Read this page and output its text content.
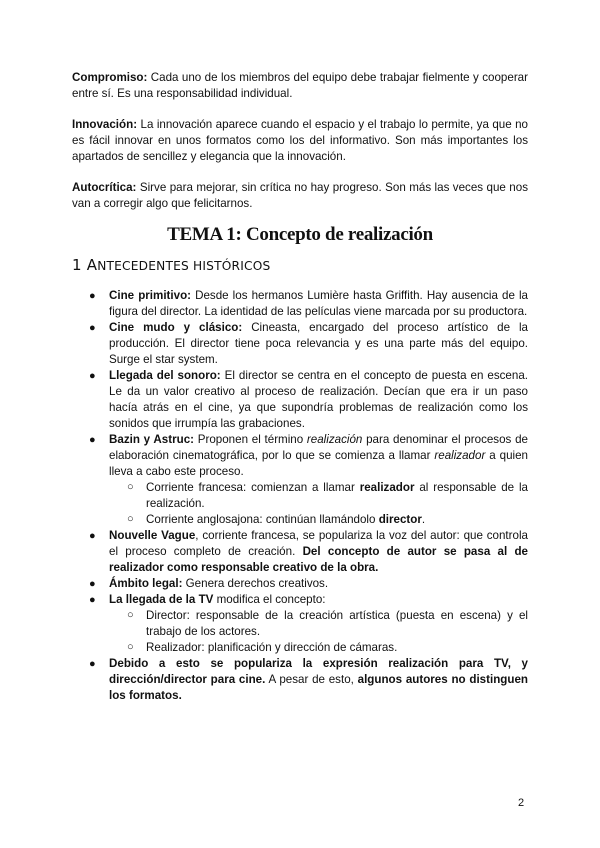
Compromiso: Cada uno de los miembros del equipo debe trabajar fielmente y cooperar entre sí. Es una responsabilidad individual.

Innovación: La innovación aparece cuando el espacio y el trabajo lo permite, ya que no es fácil innovar en unos formatos como los del informativo. Son más importantes los apartados de sencillez y elegancia que la innovación.

Autocrítica: Sirve para mejorar, sin crítica no hay progreso. Son más las veces que nos van a corregir algo que felicitarnos.

TEMA 1: Concepto de realización
1 ANTECEDENTES HISTÓRICOS
● Cine primitivo: Desde los hermanos Lumière hasta Griffith. Hay ausencia de la figura del director. La identidad de las películas viene marcada por su productora.
● Cine mudo y clásico: Cineasta, encargado del proceso artístico de la producción. El director tiene poca relevancia y es una parte más del equipo. Surge el star system.
● Llegada del sonoro: El director se centra en el concepto de puesta en escena. Le da un valor creativo al proceso de realización. Decían que era ir un paso hacía atrás en el cine, ya que supondría problemas de realización como los sonidos que irrumpía las grabaciones.
● Bazin y Astruc: Proponen el término realización para denominar el procesos de elaboración cinematográfica, por lo que se comienza a llamar realizador a quien lleva a cabo este proceso.
○ Corriente francesa: comienzan a llamar realizador al responsable de la realización.
○ Corriente anglosajona: continúan llamándolo director.
● Nouvelle Vague, corriente francesa, se populariza la voz del autor: que controla el proceso completo de creación. Del concepto de autor se pasa al de realizador como responsable creativo de la obra.
● Ámbito legal: Genera derechos creativos.
● La llegada de la TV modifica el concepto:
○ Director: responsable de la creación artística (puesta en escena) y el trabajo de los actores.
○ Realizador: planificación y dirección de cámaras.
● Debido a esto se populariza la expresión realización para TV, y dirección/director para cine. A pesar de esto, algunos autores no distinguen los formatos.
2
